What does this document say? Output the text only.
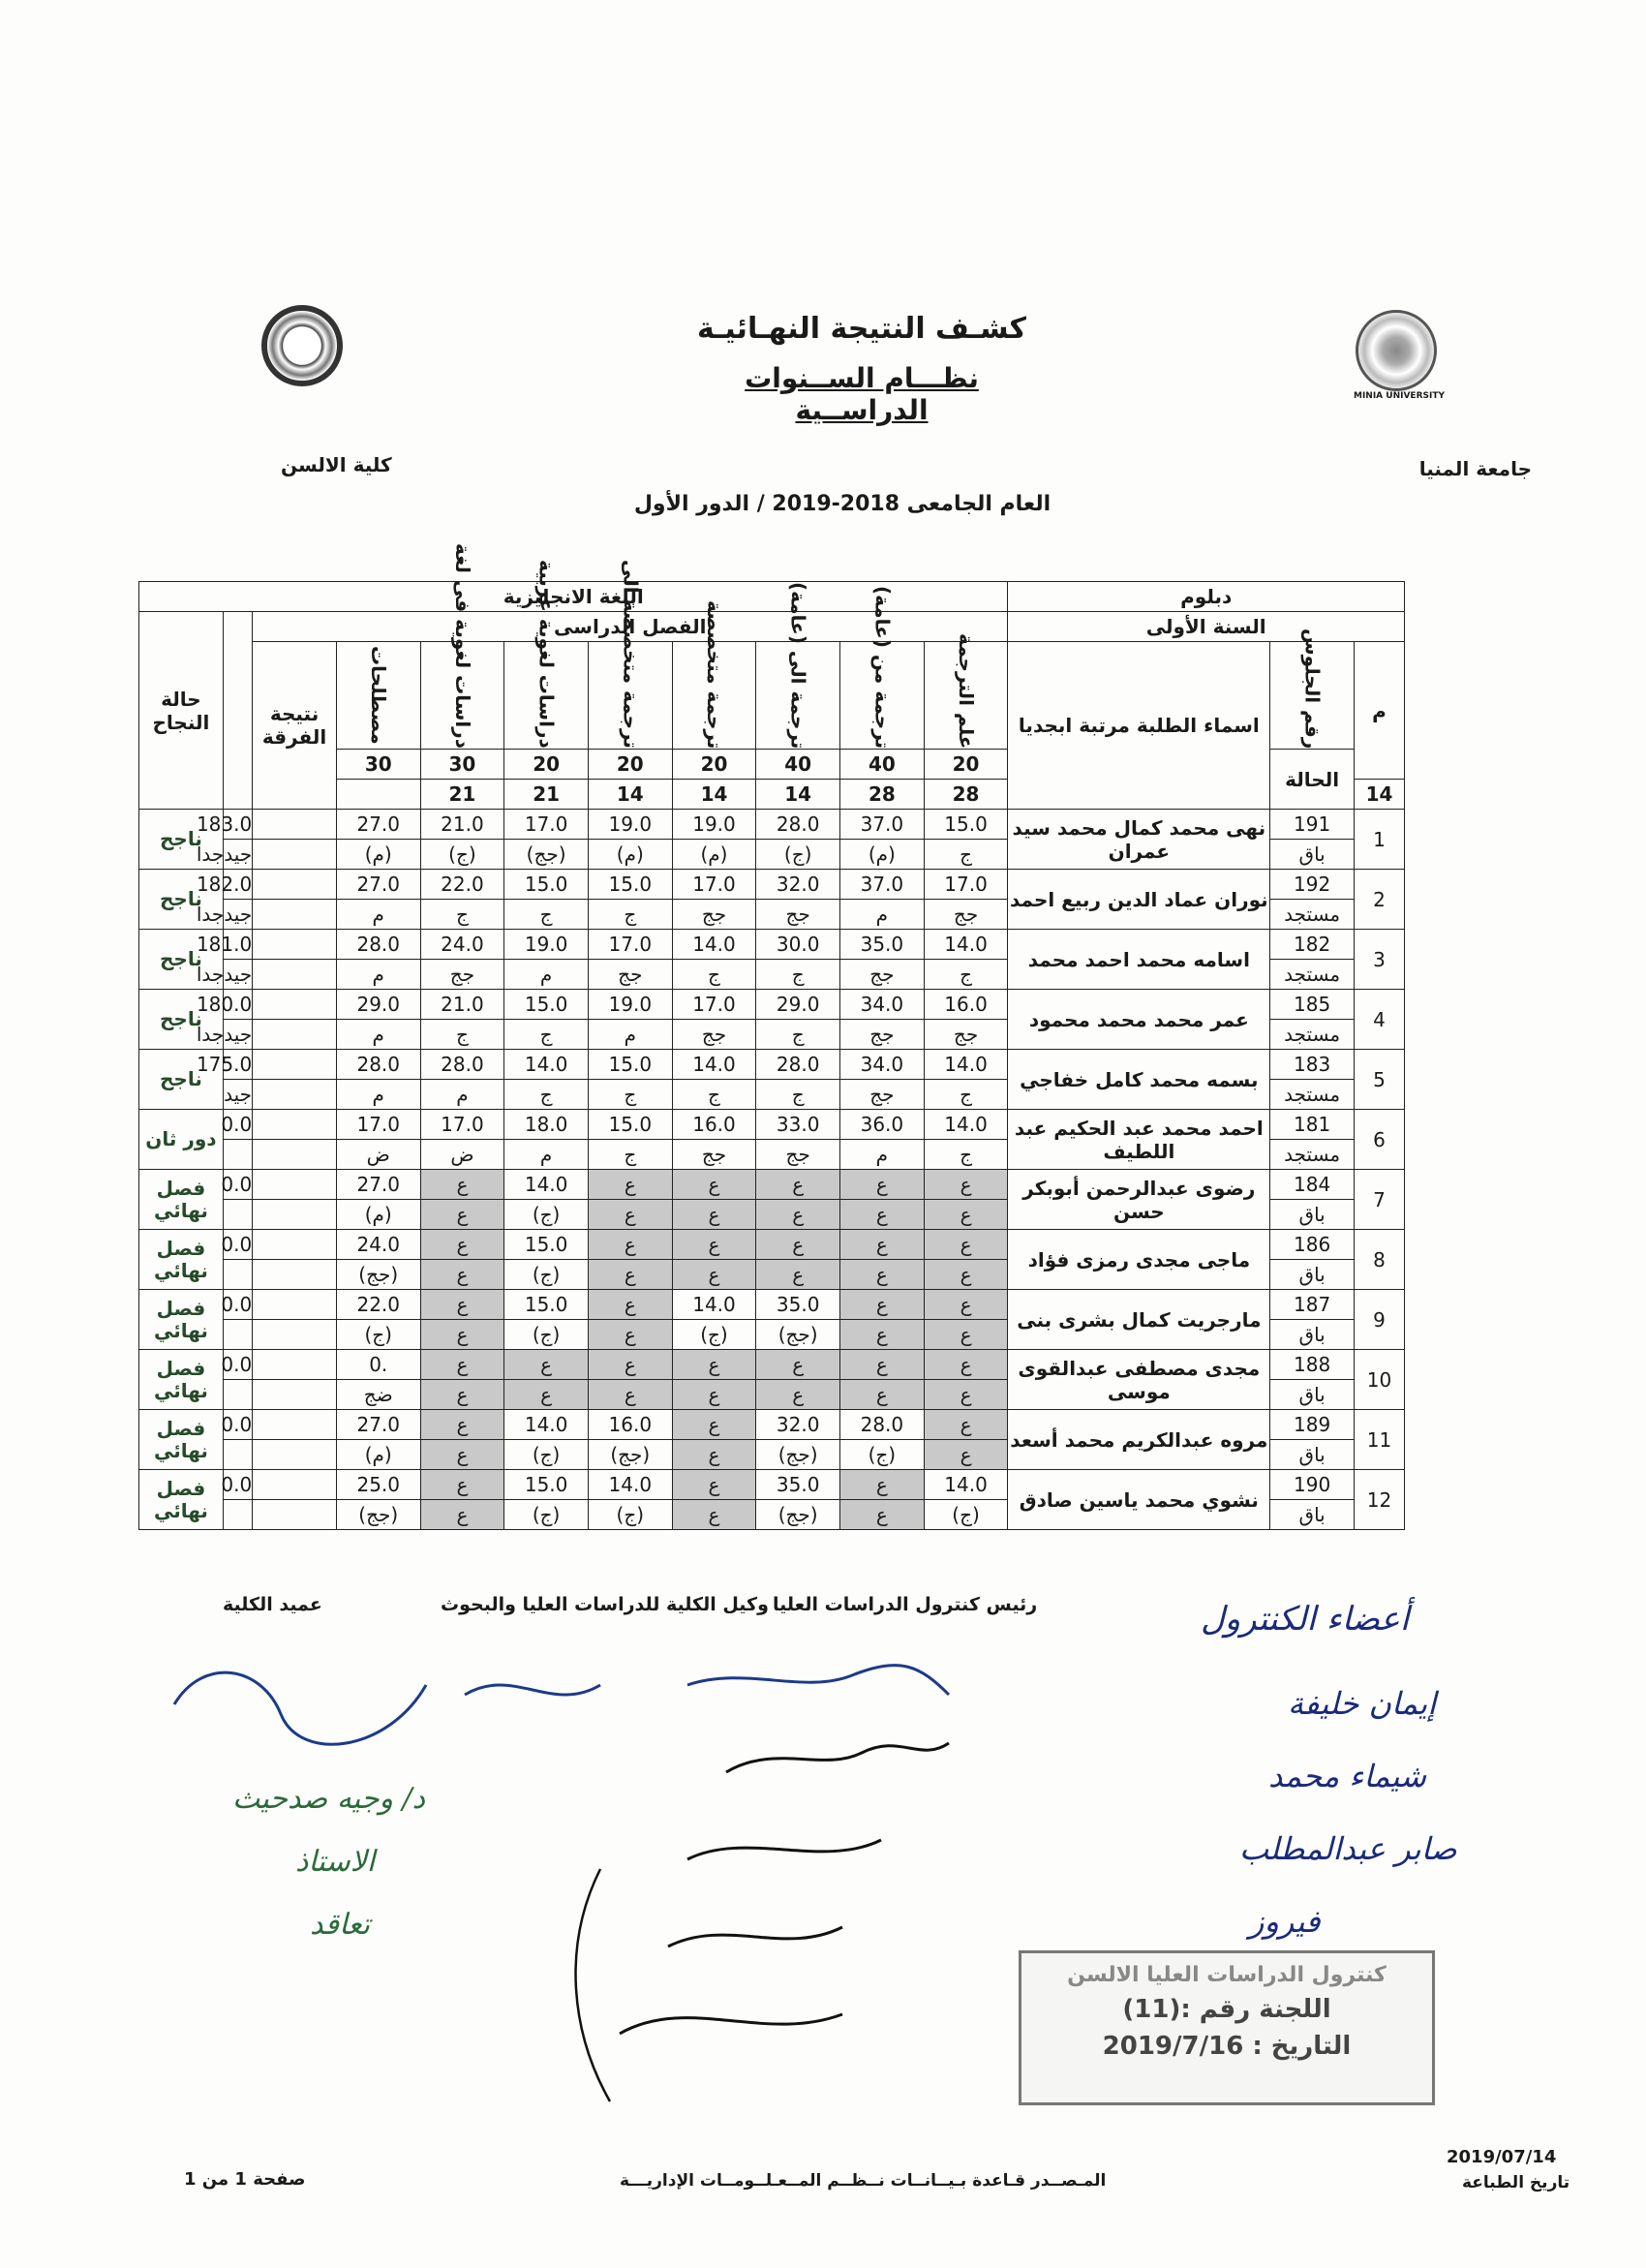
MINIA UNIVERSITY
كشـف النتيجة النهـائيـة
نظـــام الســنوات الدراســية
جامعة المنيا
كلية الالسن
العام الجامعى 2018-2019 / الدور الأول
دبلوم			اللغة الانجليزية										
السنة الأولى			الفصل الدراسى										حالة النجاح
م	رقم الجلوس	اسماء الطلبة مرتبة ابجديا	علم الترجمة	ترجمة من (عامة)	ترجمة الى (عامة)	ترجمة متخصصة	ترجمة متخصصة الى	دراسات لغوية عربية	دراسات لغوية فى لغة	مصطلحات	نتيجة الفرقة		
	الحالة		20	40	40	20	20	20	30	30			
14			28	28	14	14	14	21	21				
1	191	نهى محمد كمال محمد سيد عمران	15.0	37.0	28.0	19.0	19.0	17.0	21.0	27.0		183.0	ناجح
	باق		ج	(م)	(ج)	(م)	(م)	(جج)	(ج)	(م)		جيدجدا	
2	192	نوران عماد الدين ربيع احمد	17.0	37.0	32.0	17.0	15.0	15.0	22.0	27.0		182.0	ناجح
	مستجد		جج	م	جج	جج	ج	ج	ج	م		جيدجدا	
3	182	اسامه محمد احمد محمد	14.0	35.0	30.0	14.0	17.0	19.0	24.0	28.0		181.0	ناجح
	مستجد		ج	جج	ج	ج	جج	م	جج	م		جيدجدا	
4	185	عمر محمد محمد محمود	16.0	34.0	29.0	17.0	19.0	15.0	21.0	29.0		180.0	ناجح
	مستجد		جج	جج	ج	جج	م	ج	ج	م		جيدجدا	
5	183	بسمه محمد كامل خفاجي	14.0	34.0	28.0	14.0	15.0	14.0	28.0	28.0		175.0	ناجح
	مستجد		ج	جج	ج	ج	ج	ج	م	م		جيد	
6	181	احمد محمد عبد الحكيم عبد اللطيف	14.0	36.0	33.0	16.0	15.0	18.0	17.0	17.0		0.0	دور ثان
	مستجد		ج	م	جج	جج	ج	م	ض	ض			
7	184	رضوى عبدالرحمن أبوبكر حسن	ع	ع	ع	ع	ع	14.0	ع	27.0		0.0	فصل نهائي
	باق		ع	ع	ع	ع	ع	(ج)	ع	(م)			
8	186	ماجى مجدى رمزى فؤاد	ع	ع	ع	ع	ع	15.0	ع	24.0		0.0	فصل نهائي
	باق		ع	ع	ع	ع	ع	(ج)	ع	(جج)			
9	187	مارجريت كمال بشرى بنى	ع	ع	35.0	14.0	ع	15.0	ع	22.0		0.0	فصل نهائي
	باق		ع	ع	(جج)	(ج)	ع	(ج)	ع	(ج)			
10	188	مجدى مصطفى عبدالقوى موسى	ع	ع	ع	ع	ع	ع	ع	.0		0.0	فصل نهائي
	باق		ع	ع	ع	ع	ع	ع	ع	ضج			
11	189	مروه عبدالكريم محمد أسعد	ع	28.0	32.0	ع	16.0	14.0	ع	27.0		0.0	فصل نهائي
	باق		ع	(ج)	(جج)	ع	(جج)	(ج)	ع	(م)			
12	190	نشوي محمد ياسين صادق	14.0	ع	35.0	ع	14.0	15.0	ع	25.0		0.0	فصل نهائي
	باق		(ج)	ع	(جج)	ع	(ج)	(ج)	ع	(جج)			
عميد الكلية	وكيل الكلية للدراسات العليا والبحوث رئيس كنترول الدراسات العليا	أعضاء الكنترول
إيمان خليفة
شيماء محمد
صابر عبدالمطلب
فيروز
د/ وجيه صدحيث
الاستاذ
تعاقد
كنترول الدراسات العليا الالسن
اللجنة رقم :(11)
التاريخ : 2019/7/16
المـصــدر قـاعدة بـيــانــات نــظــم المــعـلــومــات الإداريـــة
صفحة 1 من 1
2019/07/14
تاريخ الطباعة
